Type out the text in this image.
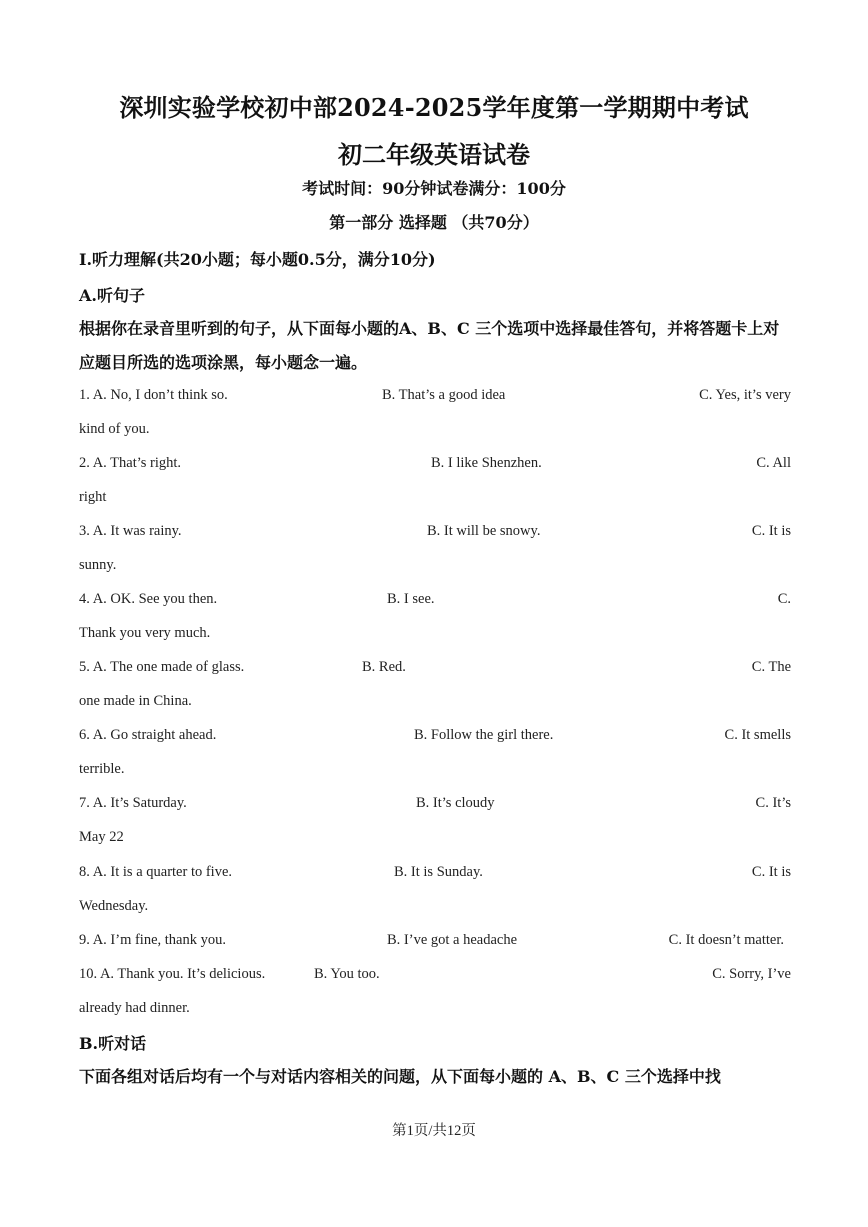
深圳实验学校初中部2024-2025学年度第一学期期中考试
初二年级英语试卷
考试时间：90分钟试卷满分：100分
第一部分 选择题 （共70分）
I.听力理解(共20小题；每小题0.5分，满分10分)
A.听句子
根据你在录音里听到的句子，从下面每小题的A、B、C 三个选项中选择最佳答句，并将答题卡上对应题目所选的选项涂黑，每小题念一遍。
1. A. No, I don’t think so.	B. That’s a good idea	C. Yes, it’s very
kind of you.
2. A. That’s right.	B. I like Shenzhen.	C. All
right
3. A. It was rainy.	B. It will be snowy.	C. It is
sunny.
4. A. OK. See you then.	B. I see.	C.
Thank you very much.
5. A. The one made of glass.	B. Red.	C. The
one made in China.
6. A. Go straight ahead.	B. Follow the girl there.	C. It smells
terrible.
7. A. It’s Saturday.	B. It’s cloudy	C. It’s
May 22
8. A. It is a quarter to five.	B. It is Sunday.	C. It is
Wednesday.
9. A. I’m fine, thank you.	B. I’ve got a headache	C. It doesn’t matter.
10. A. Thank you. It’s delicious.	B. You too.	C. Sorry, I’ve
already had dinner.
B.听对话
下面各组对话后均有一个与对话内容相关的问题，从下面每小题的 A、B、C 三个选择中找
第1页/共12页
